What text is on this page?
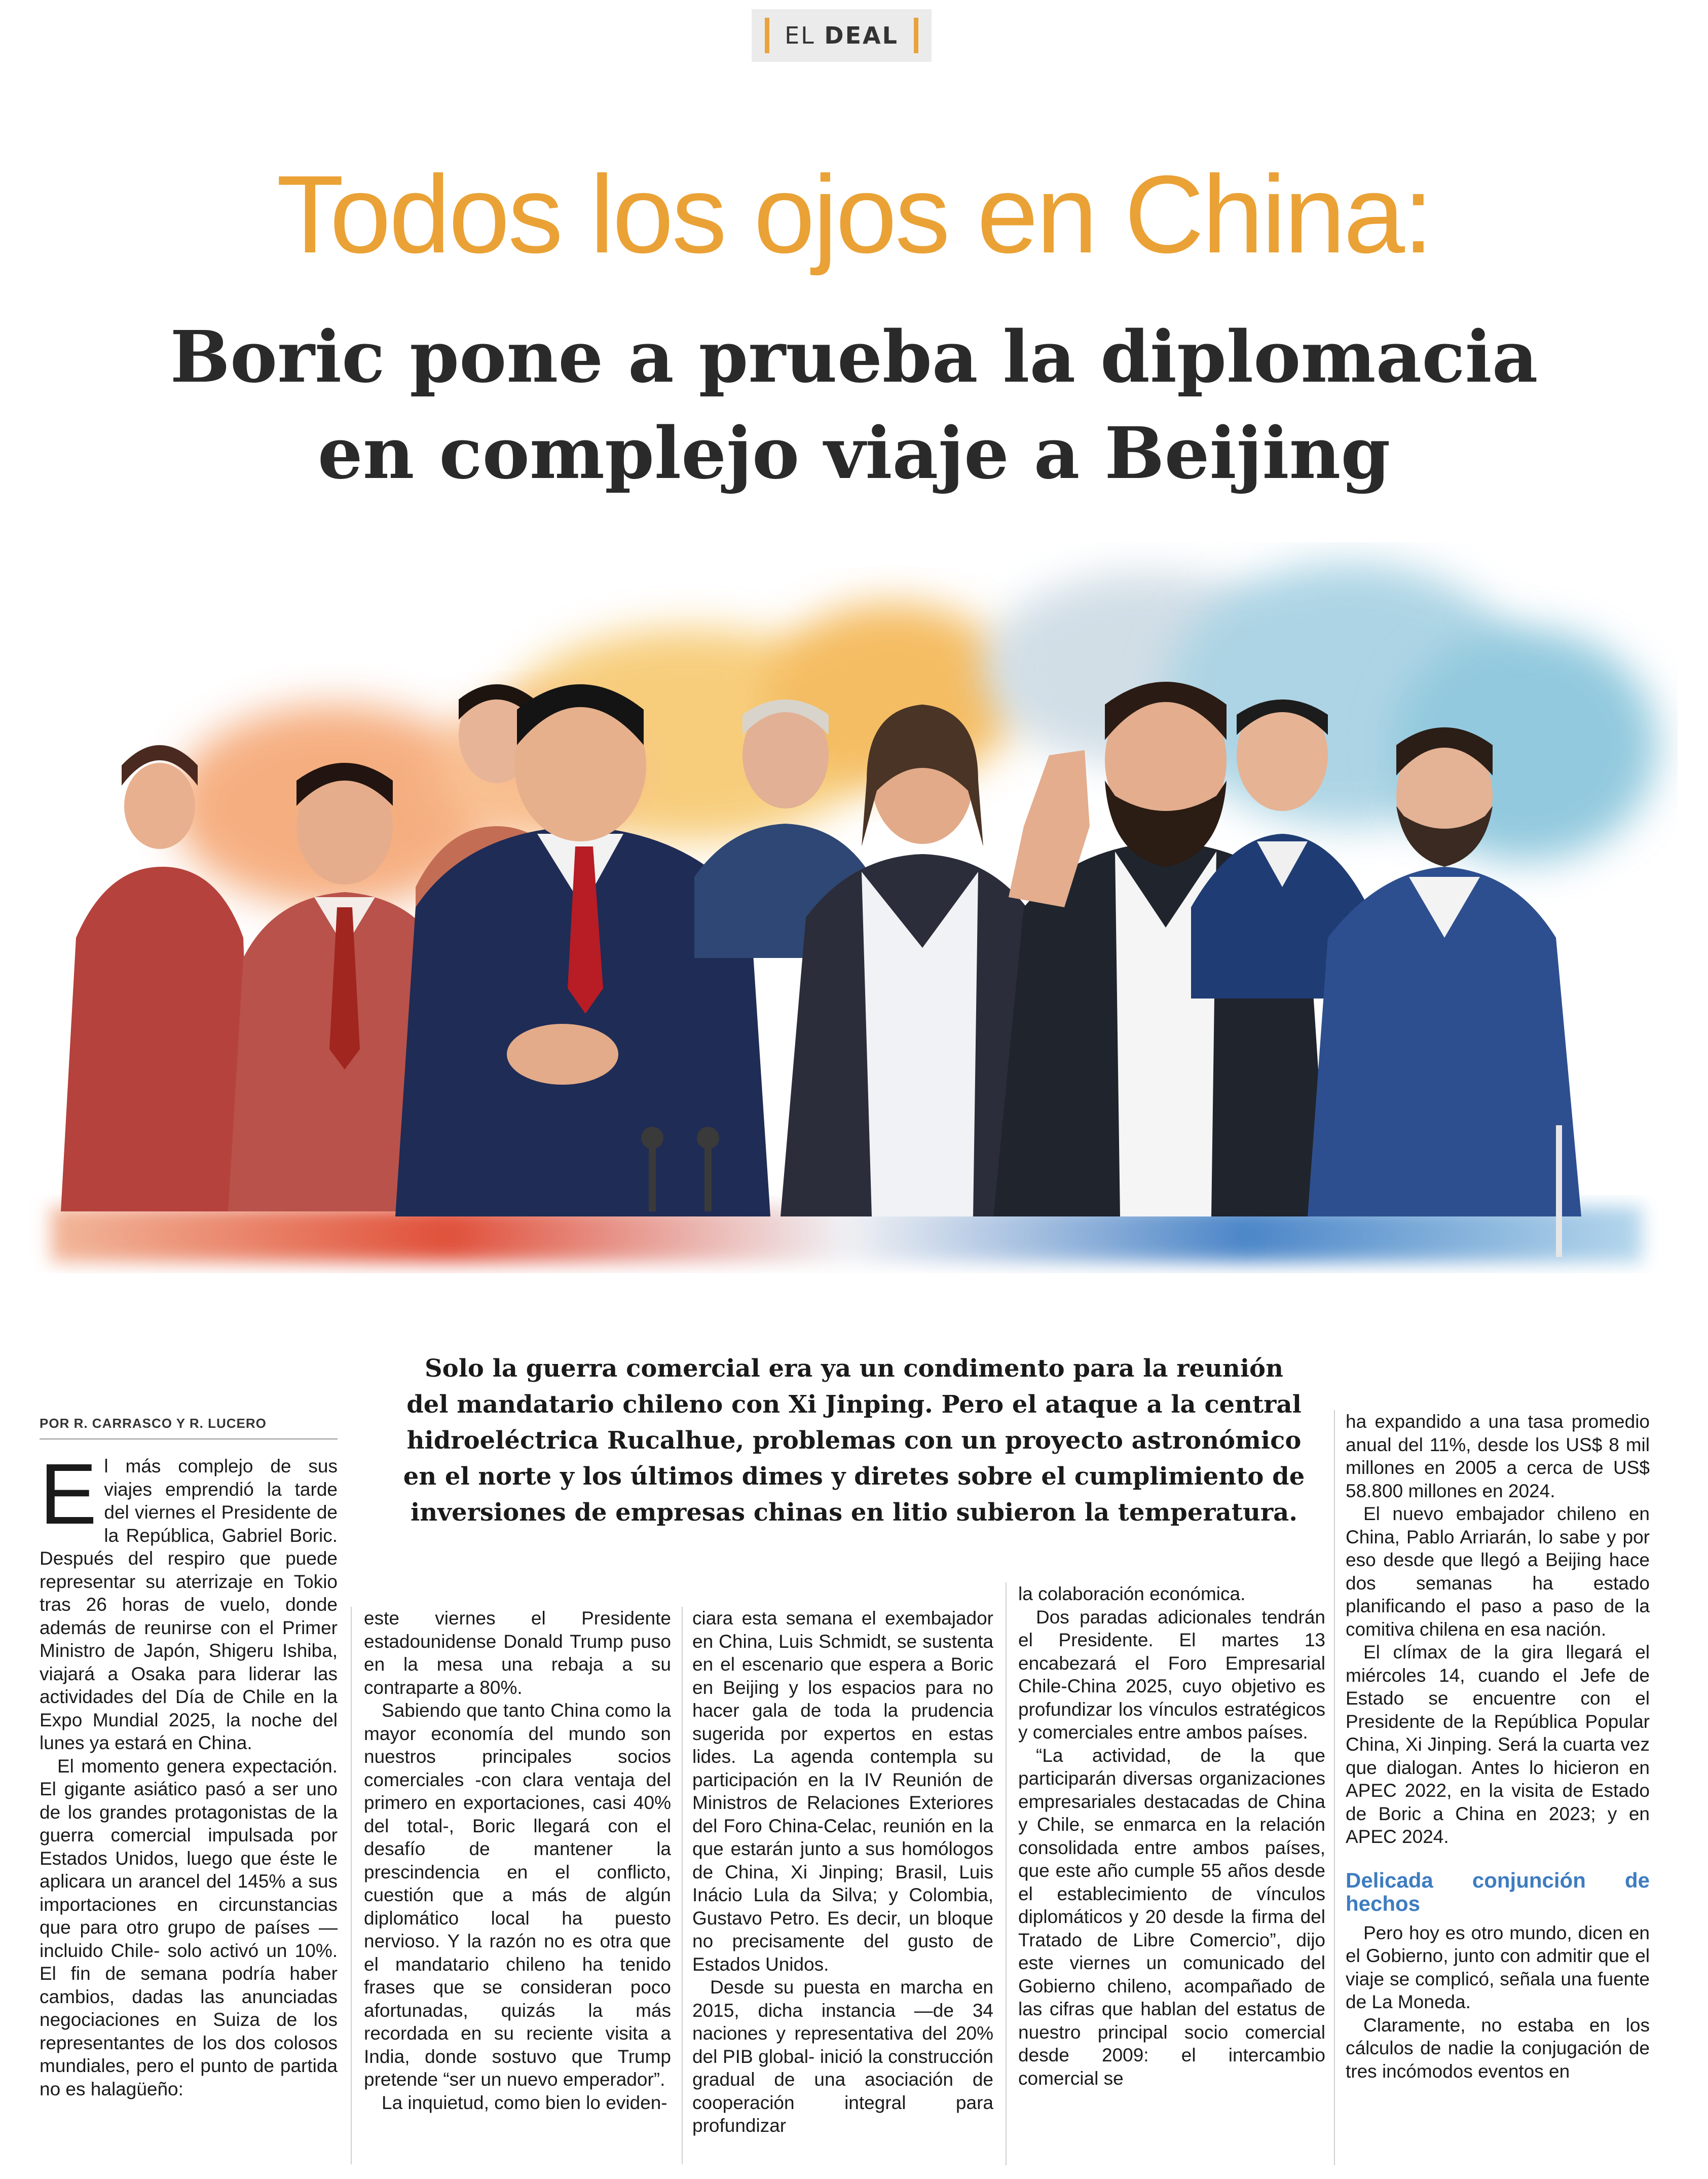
EL DEAL
Todos los ojos en China:
Boric pone a prueba la diplomacia
en complejo viaje a Beijing
Solo la guerra comercial era ya un condimento para la reunión
del mandatario chileno con Xi Jinping. Pero el ataque a la central
hidroeléctrica Rucalhue, problemas con un proyecto astronómico
en el norte y los últimos dimes y diretes sobre el cumplimiento de
inversiones de empresas chinas en litio subieron la temperatura.
POR R. CARRASCO Y R. LUCERO

El más complejo de sus viajes emprendió la tarde del viernes el Presidente de la República, Gabriel Boric. Después del respiro que puede representar su aterrizaje en Tokio tras 26 horas de vuelo, donde además de reunirse con el Primer Ministro de Japón, Shigeru Ishiba, viajará a Osaka para liderar las actividades del Día de Chile en la Expo Mundial 2025, la noche del lunes ya estará en China.

El momento genera expectación. El gigante asiático pasó a ser uno de los grandes protagonistas de la guerra comercial impulsada por Estados Unidos, luego que éste le aplicara un arancel del 145% a sus importaciones en circunstancias que para otro grupo de países —incluido Chile- solo activó un 10%. El fin de semana podría haber cambios, dadas las anunciadas negociaciones en Suiza de los representantes de los dos colosos mundiales, pero el punto de partida no es halagüeño:

este viernes el Presidente estadounidense Donald Trump puso en la mesa una rebaja a su contraparte a 80%.

Sabiendo que tanto China como la mayor economía del mundo son nuestros principales socios comerciales -con clara ventaja del primero en exportaciones, casi 40% del total-, Boric llegará con el desafío de mantener la prescindencia en el conflicto, cuestión que a más de algún diplomático local ha puesto nervioso. Y la razón no es otra que el mandatario chileno ha tenido frases que se consideran poco afortunadas, quizás la más recordada en su reciente visita a India, donde sostuvo que Trump pretende “ser un nuevo emperador”.

La inquietud, como bien lo eviden-

ciara esta semana el exembajador en China, Luis Schmidt, se sustenta en el escenario que espera a Boric en Beijing y los espacios para no hacer gala de toda la prudencia sugerida por expertos en estas lides. La agenda contempla su participación en la IV Reunión de Ministros de Relaciones Exteriores del Foro China-Celac, reunión en la que estarán junto a sus homólogos de China, Xi Jinping; Brasil, Luis Inácio Lula da Silva; y Colombia, Gustavo Petro. Es decir, un bloque no precisamente del gusto de Estados Unidos.

Desde su puesta en marcha en 2015, dicha instancia —de 34 naciones y representativa del 20% del PIB global- inició la construcción gradual de una asociación de cooperación integral para profundizar

la colaboración económica.

Dos paradas adicionales tendrán el Presidente. El martes 13 encabezará el Foro Empresarial Chile-China 2025, cuyo objetivo es profundizar los vínculos estratégicos y comerciales entre ambos países.

“La actividad, de la que participarán diversas organizaciones empresariales destacadas de China y Chile, se enmarca en la relación consolidada entre ambos países, que este año cumple 55 años desde el establecimiento de vínculos diplomáticos y 20 desde la firma del Tratado de Libre Comercio”, dijo este viernes un comunicado del Gobierno chileno, acompañado de las cifras que hablan del estatus de nuestro principal socio comercial desde 2009: el intercambio comercial se

ha expandido a una tasa promedio anual del 11%, desde los US$ 8 mil millones en 2005 a cerca de US$ 58.800 millones en 2024.

El nuevo embajador chileno en China, Pablo Arriarán, lo sabe y por eso desde que llegó a Beijing hace dos semanas ha estado planificando el paso a paso de la comitiva chilena en esa nación.

El clímax de la gira llegará el miércoles 14, cuando el Jefe de Estado se encuentre con el Presidente de la República Popular China, Xi Jinping. Será la cuarta vez que dialogan. Antes lo hicieron en APEC 2022, en la visita de Estado de Boric a China en 2023; y en APEC 2024.

Delicada conjunción de hechos

Pero hoy es otro mundo, dicen en el Gobierno, junto con admitir que el viaje se complicó, señala una fuente de La Moneda.

Claramente, no estaba en los cálculos de nadie la conjugación de tres incómodos eventos en
